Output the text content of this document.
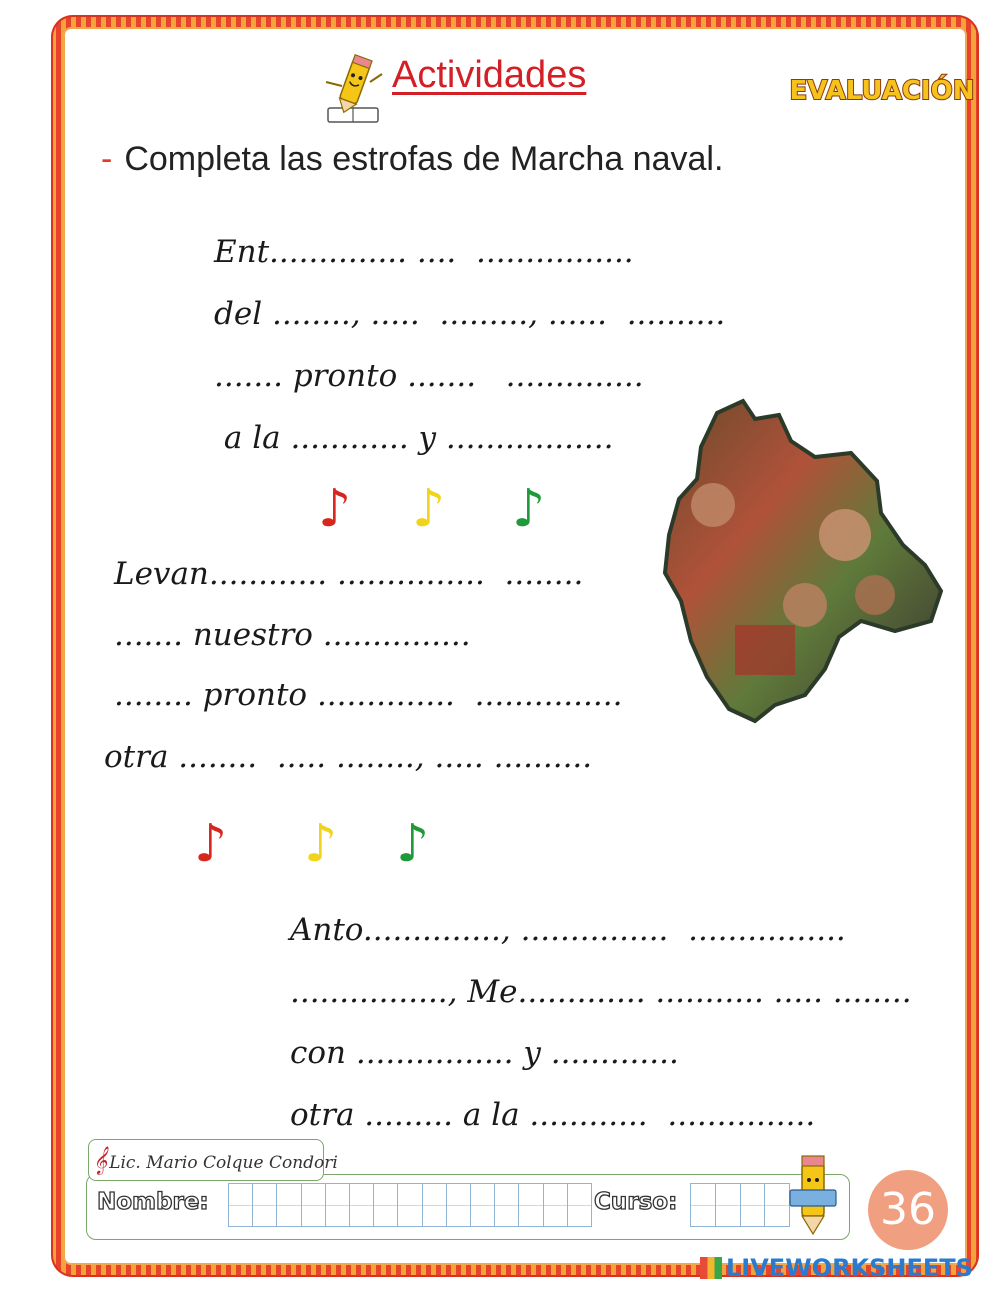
Actividades	EVALUACIÓN
- Completa las estrofas de Marcha naval.
Ent.............. ....  ................
del ........, .....  ........., ......  ..........
....... pronto .......   ..............
a la ............ y .................
♪ ♪ ♪
Levan............ ...............  ........
....... nuestro ...............
........ pronto ..............  ...............
otra ........  ..... ........, ..... ..........
♪ ♪ ♪
Anto.............., ...............  ................
................, Me............. ........... ..... ........
con ................ y .............
otra ......... a la ............  ...............
Nombre:	Curso:
𝄞 Lic. Mario Colque Condori
36
LIVEWORKSHEETS
